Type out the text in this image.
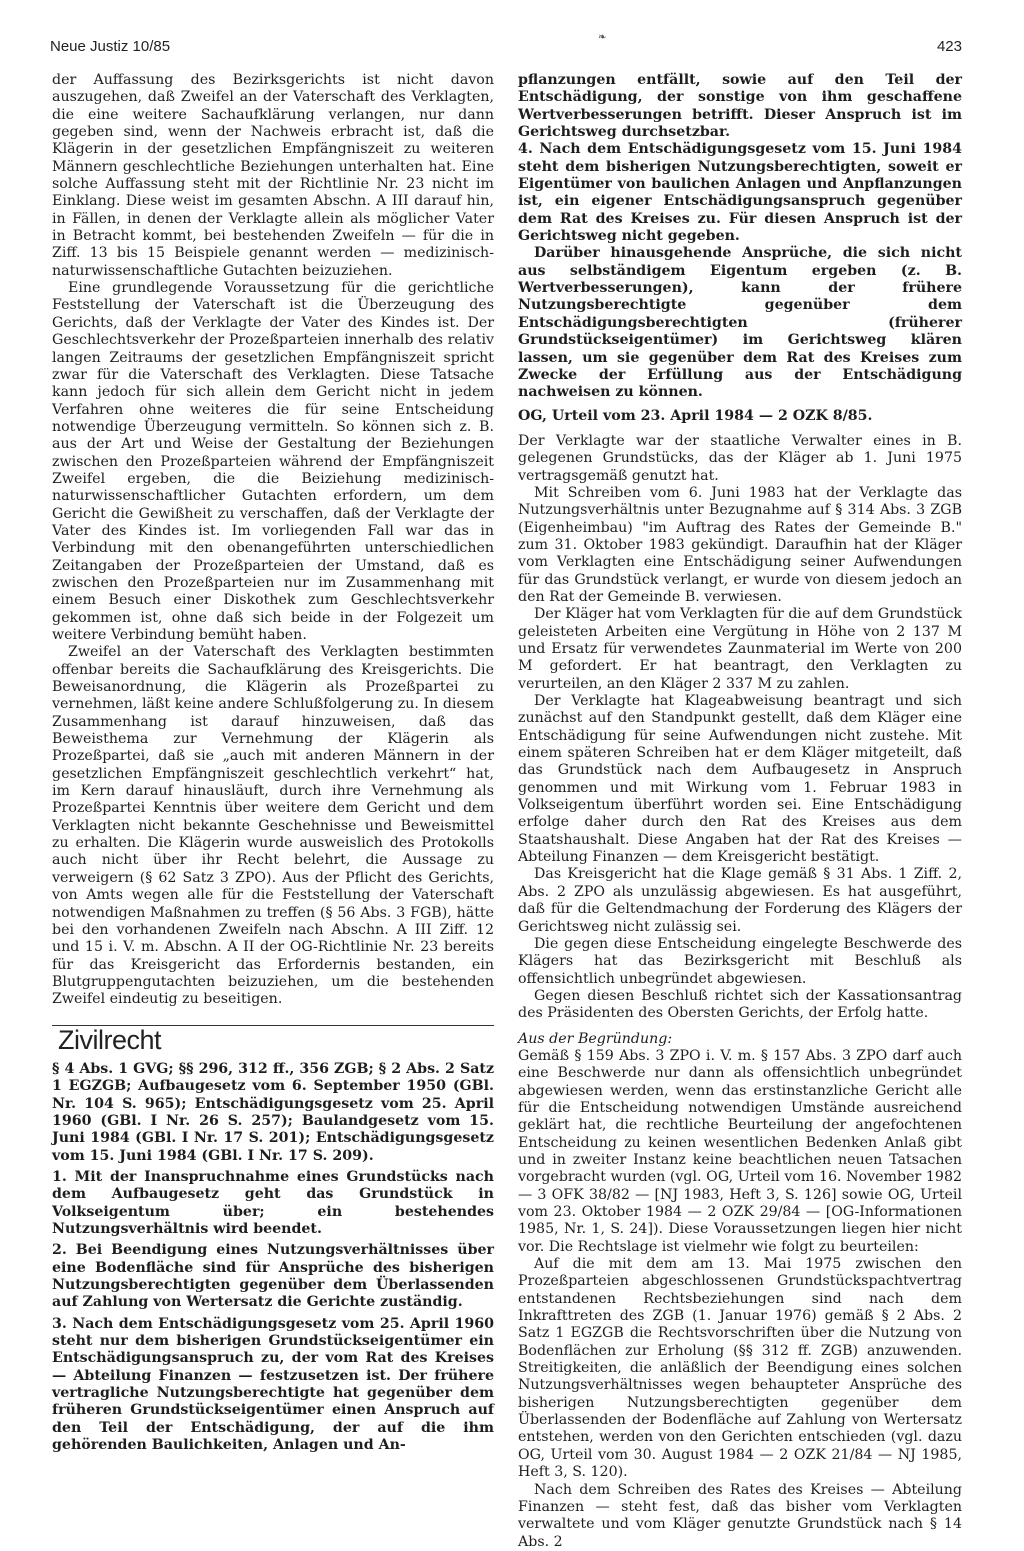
Neue Justiz 10/85
❧
423

der Auffassung des Bezirksgerichts ist nicht davon auszugehen, daß Zweifel an der Vaterschaft des Verklagten, die eine weitere Sachaufklärung verlangen, nur dann gegeben sind, wenn der Nachweis erbracht ist, daß die Klägerin in der gesetzlichen Empfängniszeit zu weiteren Männern geschlechtliche Beziehungen unterhalten hat. Eine solche Auffassung steht mit der Richtlinie Nr. 23 nicht im Einklang. Diese weist im gesamten Abschn. A III darauf hin, in Fällen, in denen der Verklagte allein als möglicher Vater in Betracht kommt, bei bestehenden Zweifeln — für die in Ziff. 13 bis 15 Beispiele genannt werden — medizinisch-naturwissenschaftliche Gutachten beizuziehen.

Eine grundlegende Voraussetzung für die gerichtliche Feststellung der Vaterschaft ist die Überzeugung des Gerichts, daß der Verklagte der Vater des Kindes ist. Der Geschlechtsverkehr der Prozeßparteien innerhalb des relativ langen Zeitraums der gesetzlichen Empfängniszeit spricht zwar für die Vaterschaft des Verklagten. Diese Tatsache kann jedoch für sich allein dem Gericht nicht in jedem Verfahren ohne weiteres die für seine Entscheidung notwendige Überzeugung vermitteln. So können sich z. B. aus der Art und Weise der Gestaltung der Beziehungen zwischen den Prozeßparteien während der Empfängniszeit Zweifel ergeben, die die Beiziehung medizinisch-naturwissenschaftlicher Gutachten erfordern, um dem Gericht die Gewißheit zu verschaffen, daß der Verklagte der Vater des Kindes ist. Im vorliegenden Fall war das in Verbindung mit den obenangeführten unterschiedlichen Zeitangaben der Prozeßparteien der Umstand, daß es zwischen den Prozeßparteien nur im Zusammenhang mit einem Besuch einer Diskothek zum Geschlechtsverkehr gekommen ist, ohne daß sich beide in der Folgezeit um weitere Verbindung bemüht haben.

Zweifel an der Vaterschaft des Verklagten bestimmten offenbar bereits die Sachaufklärung des Kreisgerichts. Die Beweisanordnung, die Klägerin als Prozeßpartei zu vernehmen, läßt keine andere Schlußfolgerung zu. In diesem Zusammenhang ist darauf hinzuweisen, daß das Beweisthema zur Vernehmung der Klägerin als Prozeßpartei, daß sie „auch mit anderen Männern in der gesetzlichen Empfängniszeit geschlechtlich verkehrt“ hat, im Kern darauf hinausläuft, durch ihre Vernehmung als Prozeßpartei Kenntnis über weitere dem Gericht und dem Verklagten nicht bekannte Geschehnisse und Beweismittel zu erhalten. Die Klägerin wurde ausweislich des Protokolls auch nicht über ihr Recht belehrt, die Aussage zu verweigern (§ 62 Satz 3 ZPO). Aus der Pflicht des Gerichts, von Amts wegen alle für die Feststellung der Vaterschaft notwendigen Maßnahmen zu treffen (§ 56 Abs. 3 FGB), hätte bei den vorhandenen Zweifeln nach Abschn. A III Ziff. 12 und 15 i. V. m. Abschn. A II der OG-Richtlinie Nr. 23 bereits für das Kreisgericht das Erfordernis bestanden, ein Blutgruppengutachten beizuziehen, um die bestehenden Zweifel eindeutig zu beseitigen.

Zivilrecht

§ 4 Abs. 1 GVG; §§ 296, 312 ff., 356 ZGB; § 2 Abs. 2 Satz 1 EGZGB; Aufbaugesetz vom 6. September 1950 (GBl. Nr. 104 S. 965); Entschädigungsgesetz vom 25. April 1960 (GBl. I Nr. 26 S. 257); Baulandgesetz vom 15. Juni 1984 (GBl. I Nr. 17 S. 201); Entschädigungsgesetz vom 15. Juni 1984 (GBl. I Nr. 17 S. 209).

1. Mit der Inanspruchnahme eines Grundstücks nach dem Aufbaugesetz geht das Grundstück in Volkseigentum über; ein bestehendes Nutzungsverhältnis wird beendet.

2. Bei Beendigung eines Nutzungsverhältnisses über eine Bodenfläche sind für Ansprüche des bisherigen Nutzungsberechtigten gegenüber dem Überlassenden auf Zahlung von Wertersatz die Gerichte zuständig.

3. Nach dem Entschädigungsgesetz vom 25. April 1960 steht nur dem bisherigen Grundstückseigentümer ein Entschädigungsanspruch zu, der vom Rat des Kreises — Abteilung Finanzen — festzusetzen ist. Der frühere vertragliche Nutzungsberechtigte hat gegenüber dem früheren Grundstückseigentümer einen Anspruch auf den Teil der Entschädigung, der auf die ihm gehörenden Baulichkeiten, Anlagen und An-

pflanzungen entfällt, sowie auf den Teil der Entschädigung, der sonstige von ihm geschaffene Wertverbesserungen betrifft. Dieser Anspruch ist im Gerichtsweg durchsetzbar.

4. Nach dem Entschädigungsgesetz vom 15. Juni 1984 steht dem bisherigen Nutzungsberechtigten, soweit er Eigentümer von baulichen Anlagen und Anpflanzungen ist, ein eigener Entschädigungsanspruch gegenüber dem Rat des Kreises zu. Für diesen Anspruch ist der Gerichtsweg nicht gegeben.

Darüber hinausgehende Ansprüche, die sich nicht aus selbständigem Eigentum ergeben (z. B. Wertverbesserungen), kann der frühere Nutzungsberechtigte gegenüber dem Entschädigungsberechtigten (früherer Grundstückseigentümer) im Gerichtsweg klären lassen, um sie gegenüber dem Rat des Kreises zum Zwecke der Erfüllung aus der Entschädigung nachweisen zu können.

OG, Urteil vom 23. April 1984 — 2 OZK 8/85.

Der Verklagte war der staatliche Verwalter eines in B. gelegenen Grundstücks, das der Kläger ab 1. Juni 1975 vertragsgemäß genutzt hat.

Mit Schreiben vom 6. Juni 1983 hat der Verklagte das Nutzungsverhältnis unter Bezugnahme auf § 314 Abs. 3 ZGB (Eigenheimbau) "im Auftrag des Rates der Gemeinde B." zum 31. Oktober 1983 gekündigt. Daraufhin hat der Kläger vom Verklagten eine Entschädigung seiner Aufwendungen für das Grundstück verlangt, er wurde von diesem jedoch an den Rat der Gemeinde B. verwiesen.

Der Kläger hat vom Verklagten für die auf dem Grundstück geleisteten Arbeiten eine Vergütung in Höhe von 2 137 M und Ersatz für verwendetes Zaunmaterial im Werte von 200 M gefordert. Er hat beantragt, den Verklagten zu verurteilen, an den Kläger 2 337 M zu zahlen.

Der Verklagte hat Klageabweisung beantragt und sich zunächst auf den Standpunkt gestellt, daß dem Kläger eine Entschädigung für seine Aufwendungen nicht zustehe. Mit einem späteren Schreiben hat er dem Kläger mitgeteilt, daß das Grundstück nach dem Aufbaugesetz in Anspruch genommen und mit Wirkung vom 1. Februar 1983 in Volkseigentum überführt worden sei. Eine Entschädigung erfolge daher durch den Rat des Kreises aus dem Staatshaushalt. Diese Angaben hat der Rat des Kreises — Abteilung Finanzen — dem Kreisgericht bestätigt.

Das Kreisgericht hat die Klage gemäß § 31 Abs. 1 Ziff. 2, Abs. 2 ZPO als unzulässig abgewiesen. Es hat ausgeführt, daß für die Geltendmachung der Forderung des Klägers der Gerichtsweg nicht zulässig sei.

Die gegen diese Entscheidung eingelegte Beschwerde des Klägers hat das Bezirksgericht mit Beschluß als offensichtlich unbegründet abgewiesen.

Gegen diesen Beschluß richtet sich der Kassationsantrag des Präsidenten des Obersten Gerichts, der Erfolg hatte.

Aus der Begründung:

Gemäß § 159 Abs. 3 ZPO i. V. m. § 157 Abs. 3 ZPO darf auch eine Beschwerde nur dann als offensichtlich unbegründet abgewiesen werden, wenn das erstinstanzliche Gericht alle für die Entscheidung notwendigen Umstände ausreichend geklärt hat, die rechtliche Beurteilung der angefochtenen Entscheidung zu keinen wesentlichen Bedenken Anlaß gibt und in zweiter Instanz keine beachtlichen neuen Tatsachen vorgebracht wurden (vgl. OG, Urteil vom 16. November 1982 — 3 OFK 38/82 — [NJ 1983, Heft 3, S. 126] sowie OG, Urteil vom 23. Oktober 1984 — 2 OZK 29/84 — [OG-Informationen 1985, Nr. 1, S. 24]). Diese Voraussetzungen liegen hier nicht vor. Die Rechtslage ist vielmehr wie folgt zu beurteilen:

Auf die mit dem am 13. Mai 1975 zwischen den Prozeßparteien abgeschlossenen Grundstückspachtvertrag entstandenen Rechtsbeziehungen sind nach dem Inkrafttreten des ZGB (1. Januar 1976) gemäß § 2 Abs. 2 Satz 1 EGZGB die Rechtsvorschriften über die Nutzung von Bodenflächen zur Erholung (§§ 312 ff. ZGB) anzuwenden. Streitigkeiten, die anläßlich der Beendigung eines solchen Nutzungsverhältnisses wegen behaupteter Ansprüche des bisherigen Nutzungsberechtigten gegenüber dem Überlassenden der Bodenfläche auf Zahlung von Wertersatz entstehen, werden von den Gerichten entschieden (vgl. dazu OG, Urteil vom 30. August 1984 — 2 OZK 21/84 — NJ 1985, Heft 3, S. 120).

Nach dem Schreiben des Rates des Kreises — Abteilung Finanzen — steht fest, daß das bisher vom Verklagten verwaltete und vom Kläger genutzte Grundstück nach § 14 Abs. 2
